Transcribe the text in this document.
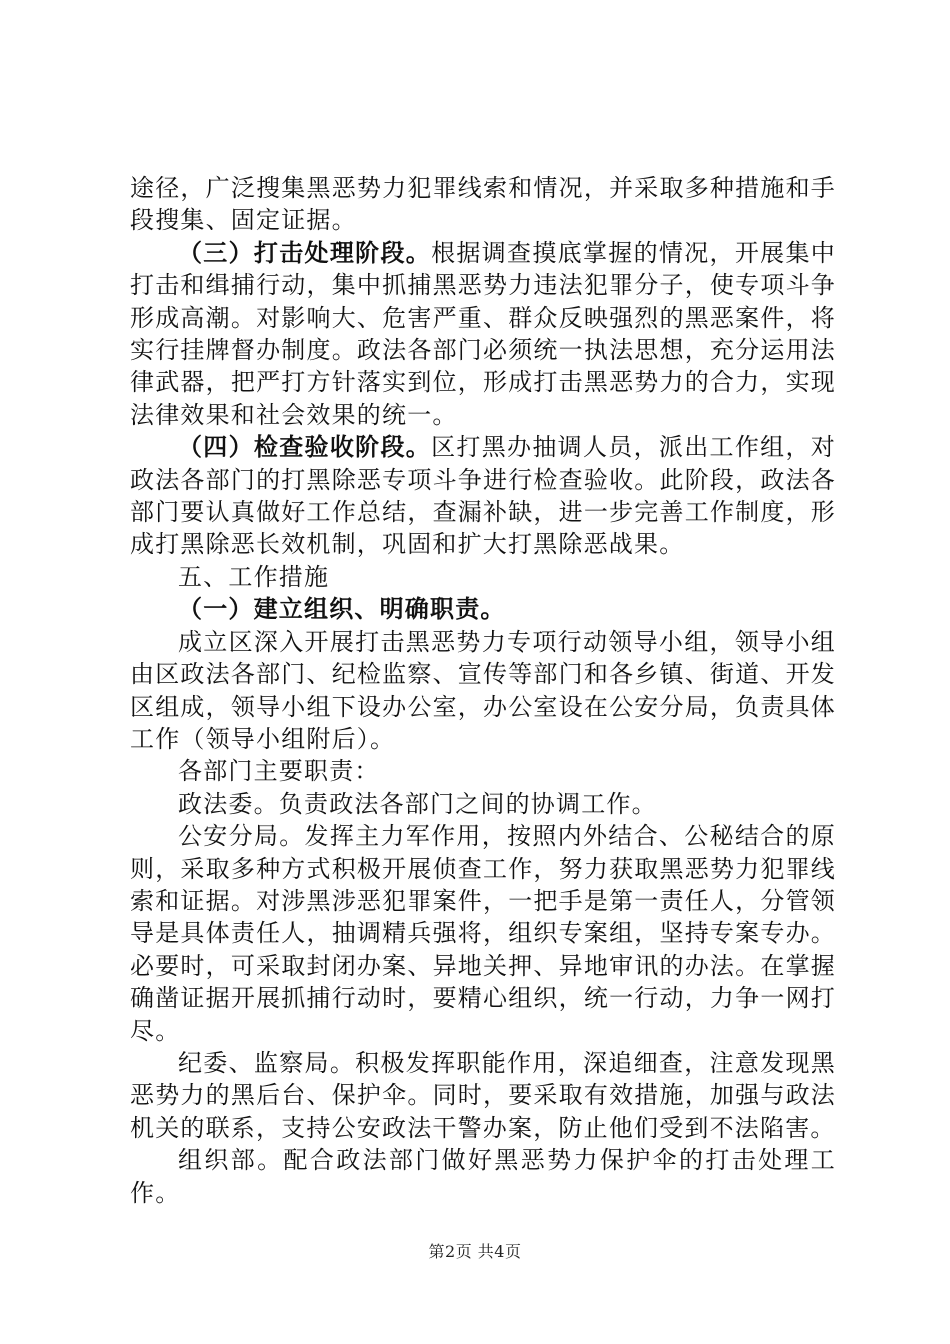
途径，广泛搜集黑恶势力犯罪线索和情况，并采取多种措施和手段搜集、固定证据。

（三）打击处理阶段。根据调查摸底掌握的情况，开展集中打击和缉捕行动，集中抓捕黑恶势力违法犯罪分子，使专项斗争形成高潮。对影响大、危害严重、群众反映强烈的黑恶案件，将实行挂牌督办制度。政法各部门必须统一执法思想，充分运用法律武器，把严打方针落实到位，形成打击黑恶势力的合力，实现法律效果和社会效果的统一。

（四）检查验收阶段。区打黑办抽调人员，派出工作组，对政法各部门的打黑除恶专项斗争进行检查验收。此阶段，政法各部门要认真做好工作总结，查漏补缺，进一步完善工作制度，形成打黑除恶长效机制，巩固和扩大打黑除恶战果。

五、工作措施

（一）建立组织、明确职责。

成立区深入开展打击黑恶势力专项行动领导小组，领导小组由区政法各部门、纪检监察、宣传等部门和各乡镇、街道、开发区组成，领导小组下设办公室，办公室设在公安分局，负责具体工作（领导小组附后）。

各部门主要职责：

政法委。负责政法各部门之间的协调工作。

公安分局。发挥主力军作用，按照内外结合、公秘结合的原则，采取多种方式积极开展侦查工作，努力获取黑恶势力犯罪线索和证据。对涉黑涉恶犯罪案件，一把手是第一责任人，分管领导是具体责任人，抽调精兵强将，组织专案组，坚持专案专办。必要时，可采取封闭办案、异地关押、异地审讯的办法。在掌握确凿证据开展抓捕行动时，要精心组织，统一行动，力争一网打尽。

纪委、监察局。积极发挥职能作用，深追细查，注意发现黑恶势力的黑后台、保护伞。同时，要采取有效措施，加强与政法机关的联系，支持公安政法干警办案，防止他们受到不法陷害。

组织部。配合政法部门做好黑恶势力保护伞的打击处理工作。

第2页 共4页
